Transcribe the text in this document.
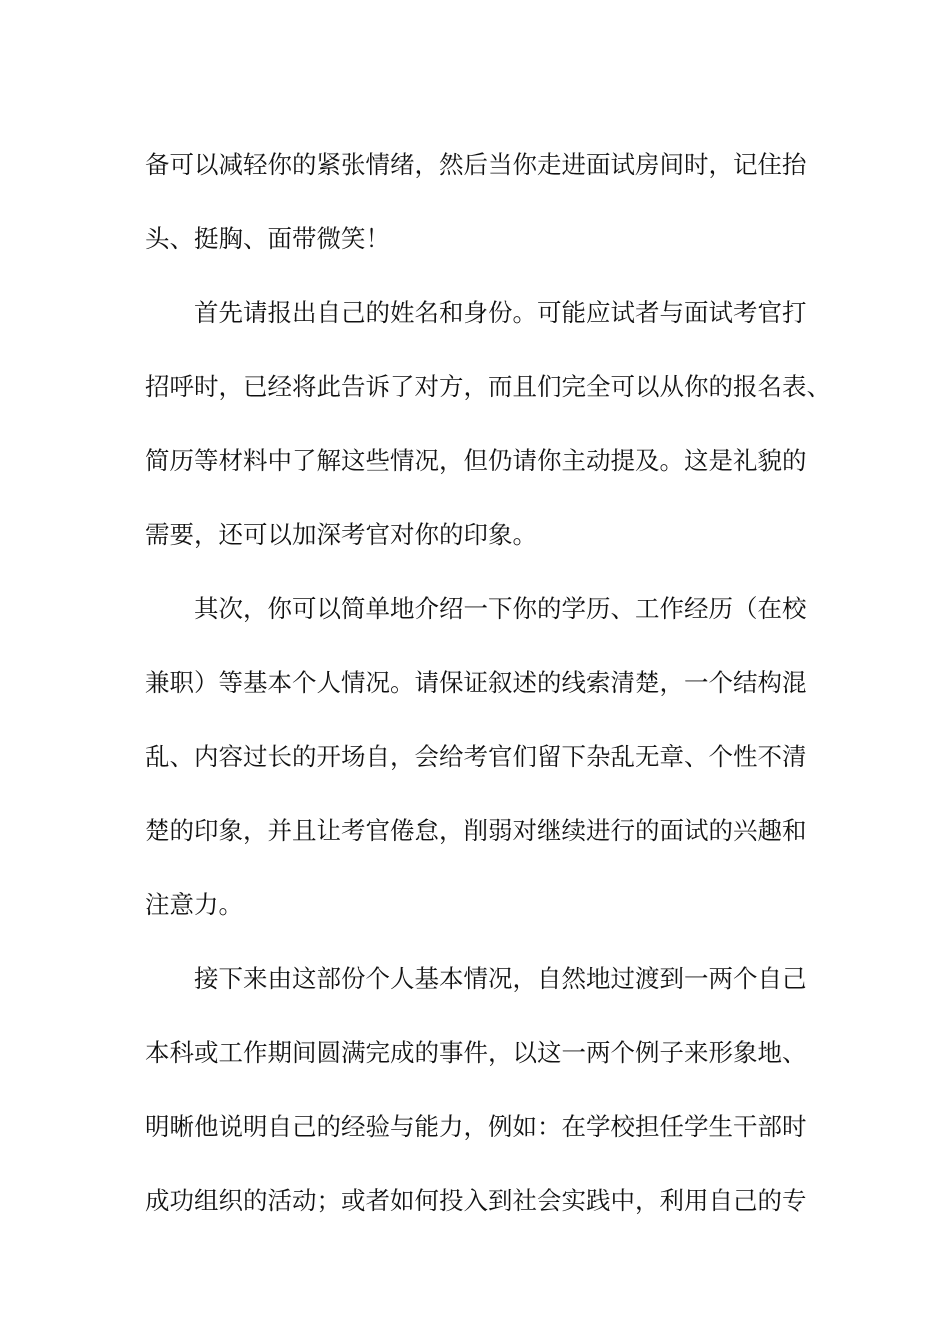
备可以减轻你的紧张情绪，然后当你走进面试房间时，记住抬
头、挺胸、面带微笑！
首先请报出自己的姓名和身份。可能应试者与面试考官打
招呼时，已经将此告诉了对方，而且们完全可以从你的报名表、
简历等材料中了解这些情况，但仍请你主动提及。这是礼貌的
需要，还可以加深考官对你的印象。
其次，你可以简单地介绍一下你的学历、工作经历（在校
兼职）等基本个人情况。请保证叙述的线索清楚，一个结构混
乱、内容过长的开场自，会给考官们留下杂乱无章、个性不清
楚的印象，并且让考官倦怠，削弱对继续进行的面试的兴趣和
注意力。
接下来由这部份个人基本情况，自然地过渡到一两个自己
本科或工作期间圆满完成的事件，以这一两个例子来形象地、
明晰他说明自己的经验与能力，例如：在学校担任学生干部时
成功组织的活动；或者如何投入到社会实践中，利用自己的专
